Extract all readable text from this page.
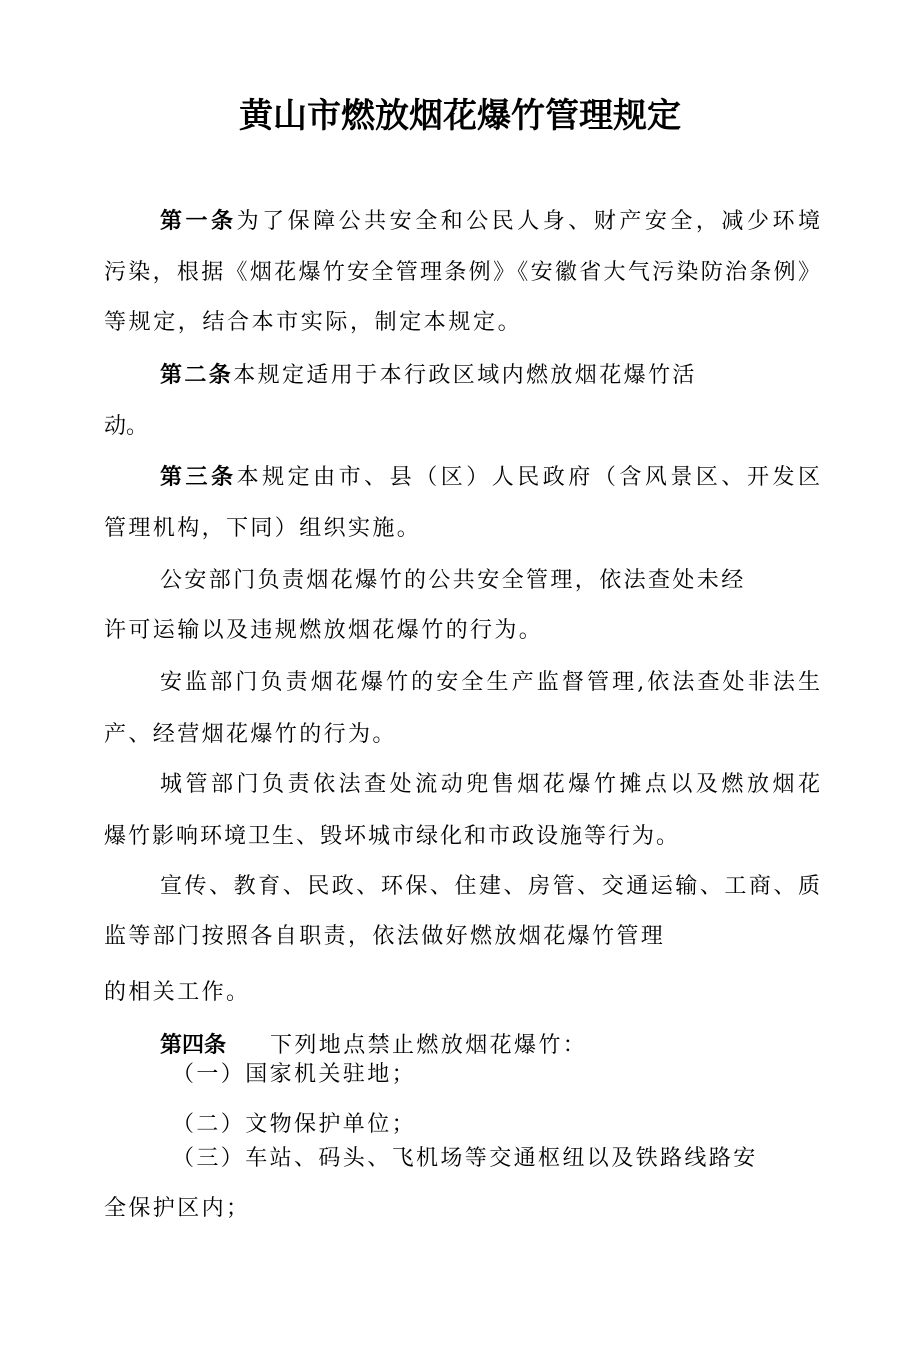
黄山市燃放烟花爆竹管理规定
第一条为了保障公共安全和公民人身、财产安全，减少环境
污染，根据《烟花爆竹安全管理条例》《安徽省大气污染防治条例》
等规定，结合本市实际，制定本规定。
第二条本规定适用于本行政区域内燃放烟花爆竹活
动。
第三条本规定由市、县（区）人民政府（含风景区、开发区
管理机构，下同）组织实施。
公安部门负责烟花爆竹的公共安全管理，依法查处未经
许可运输以及违规燃放烟花爆竹的行为。
安监部门负责烟花爆竹的安全生产监督管理,依法查处非法生
产、经营烟花爆竹的行为。
城管部门负责依法查处流动兜售烟花爆竹摊点以及燃放烟花
爆竹影响环境卫生、毁坏城市绿化和市政设施等行为。
宣传、教育、民政、环保、住建、房管、交通运输、工商、质
监等部门按照各自职责，依法做好燃放烟花爆竹管理
的相关工作。
第四条 下列地点禁止燃放烟花爆竹：
（一）国家机关驻地；
（二）文物保护单位；
（三）车站、码头、飞机场等交通枢纽以及铁路线路安
全保护区内；
